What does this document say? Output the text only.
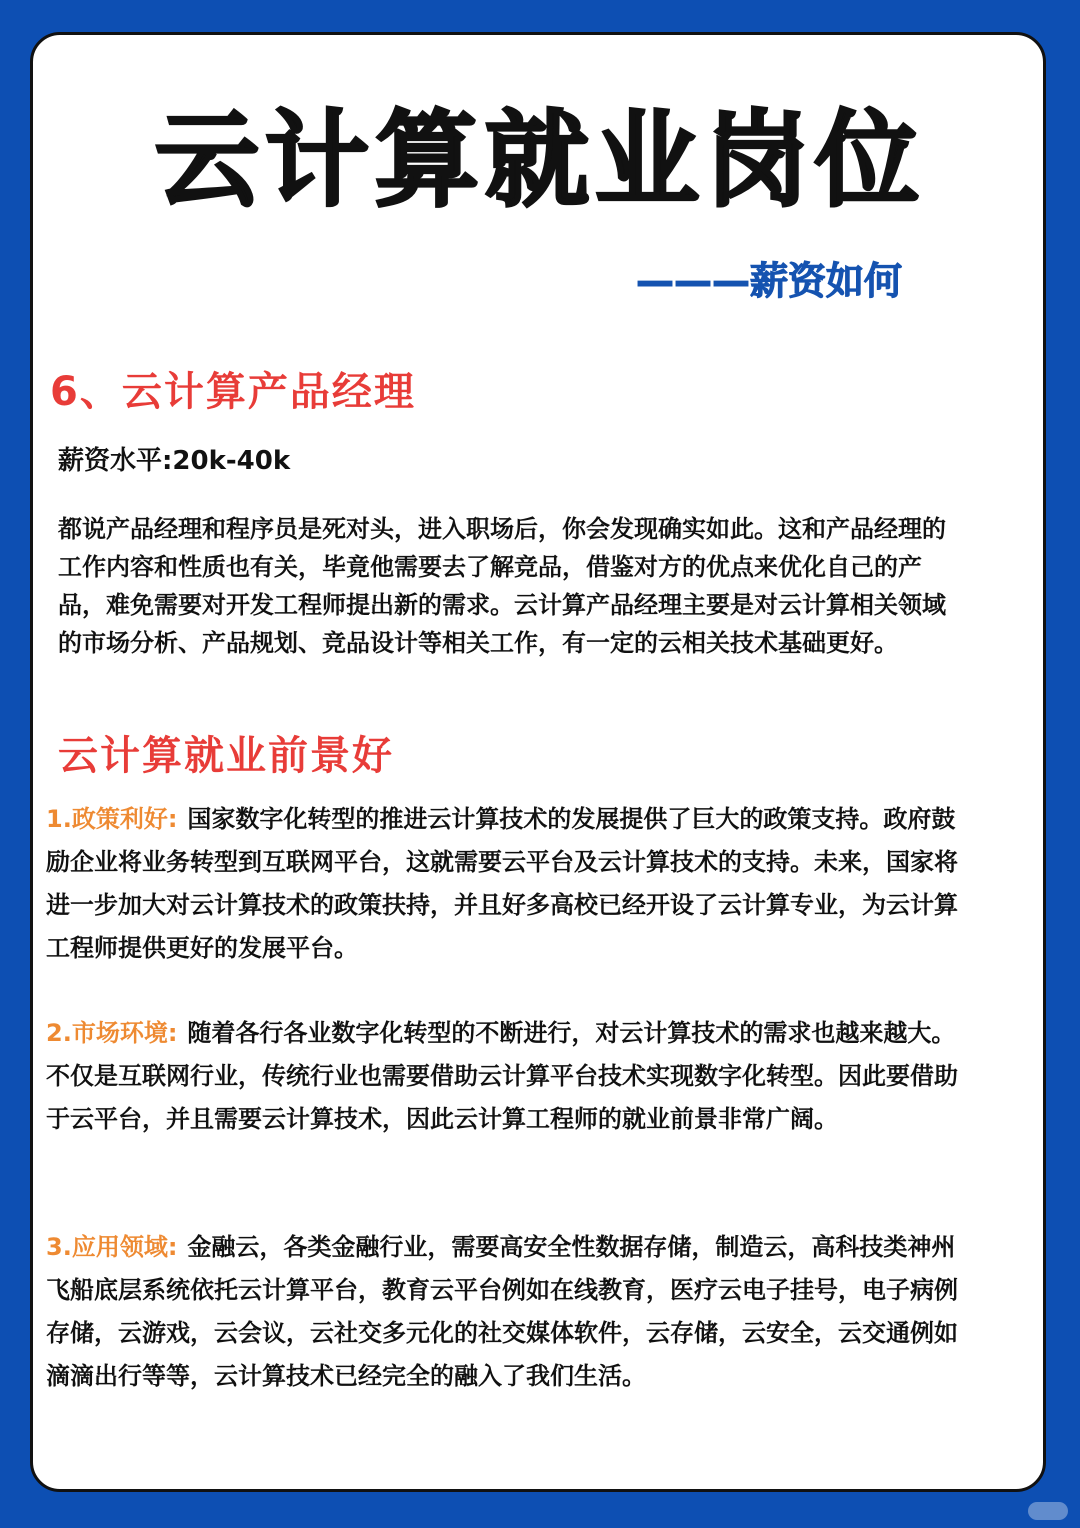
云计算就业岗位
———薪资如何
6、云计算产品经理
薪资水平:20k-40k

都说产品经理和程序员是死对头，进入职场后，你会发现确实如此。这和产品经理的工作内容和性质也有关，毕竟他需要去了解竞品，借鉴对方的优点来优化自己的产品，难免需要对开发工程师提出新的需求。云计算产品经理主要是对云计算相关领域的市场分析、产品规划、竞品设计等相关工作，有一定的云相关技术基础更好。

云计算就业前景好

1.政策利好: 国家数字化转型的推进云计算技术的发展提供了巨大的政策支持。政府鼓励企业将业务转型到互联网平台，这就需要云平台及云计算技术的支持。未来，国家将进一步加大对云计算技术的政策扶持，并且好多高校已经开设了云计算专业，为云计算工程师提供更好的发展平台。

2.市场环境: 随着各行各业数字化转型的不断进行，对云计算技术的需求也越来越大。不仅是互联网行业，传统行业也需要借助云计算平台技术实现数字化转型。因此要借助于云平台，并且需要云计算技术，因此云计算工程师的就业前景非常广阔。

3.应用领域: 金融云，各类金融行业，需要高安全性数据存储，制造云，高科技类神州飞船底层系统依托云计算平台，教育云平台例如在线教育，医疗云电子挂号，电子病例存储，云游戏，云会议，云社交多元化的社交媒体软件，云存储，云安全，云交通例如滴滴出行等等，云计算技术已经完全的融入了我们生活。
